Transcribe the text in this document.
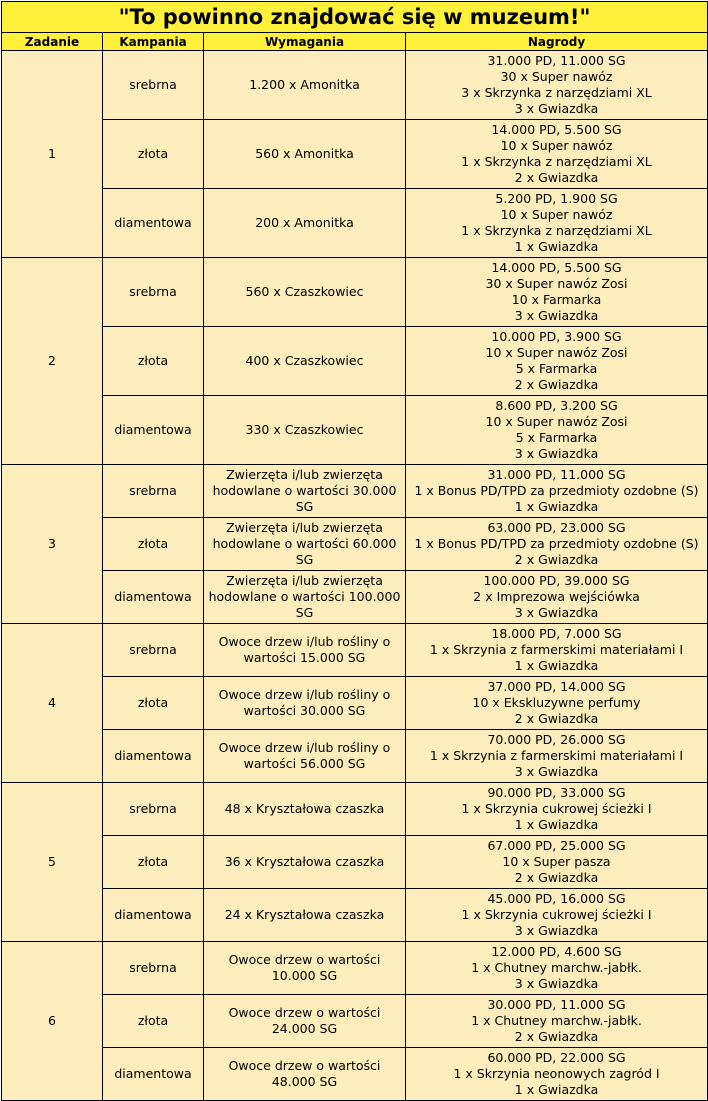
"To powinno znajdować się w muzeum!"			
Zadanie	Kampania	Wymagania	Nagrody
1	srebrna	1.200 x Amonitka	31.000 PD, 11.000 SG
30 x Super nawóz
3 x Skrzynka z narzędziami XL
3 x Gwiazdka

	złota	560 x Amonitka	14.000 PD, 5.500 SG
10 x Super nawóz
1 x Skrzynka z narzędziami XL
2 x Gwiazdka

	diamentowa	200 x Amonitka	5.200 PD, 1.900 SG
10 x Super nawóz
1 x Skrzynka z narzędziami XL
1 x Gwiazdka

2	srebrna	560 x Czaszkowiec	14.000 PD, 5.500 SG
30 x Super nawóz Zosi
10 x Farmarka
3 x Gwiazdka

	złota	400 x Czaszkowiec	10.000 PD, 3.900 SG
10 x Super nawóz Zosi
5 x Farmarka
2 x Gwiazdka

	diamentowa	330 x Czaszkowiec	8.600 PD, 3.200 SG
10 x Super nawóz Zosi
5 x Farmarka
3 x Gwiazdka

3	srebrna	Zwierzęta i/lub zwierzęta hodowlane o wartości 30.000 SG	31.000 PD, 11.000 SG
1 x Bonus PD/TPD za przedmioty ozdobne (S)
1 x Gwiazdka

	złota	Zwierzęta i/lub zwierzęta hodowlane o wartości 60.000 SG	63.000 PD, 23.000 SG
1 x Bonus PD/TPD za przedmioty ozdobne (S)
2 x Gwiazdka

	diamentowa	Zwierzęta i/lub zwierzęta hodowlane o wartości 100.000 SG	100.000 PD, 39.000 SG
2 x Imprezowa wejściówka
3 x Gwiazdka

4	srebrna	Owoce drzew i/lub rośliny o wartości 15.000 SG	18.000 PD, 7.000 SG
1 x Skrzynia z farmerskimi materiałami I
1 x Gwiazdka

	złota	Owoce drzew i/lub rośliny o wartości 30.000 SG	37.000 PD, 14.000 SG
10 x Ekskluzywne perfumy
2 x Gwiazdka

	diamentowa	Owoce drzew i/lub rośliny o wartości 56.000 SG	70.000 PD, 26.000 SG
1 x Skrzynia z farmerskimi materiałami I
3 x Gwiazdka

5	srebrna	48 x Kryształowa czaszka	90.000 PD, 33.000 SG
1 x Skrzynia cukrowej ścieżki I
1 x Gwiazdka

	złota	36 x Kryształowa czaszka	67.000 PD, 25.000 SG
10 x Super pasza
2 x Gwiazdka

	diamentowa	24 x Kryształowa czaszka	45.000 PD, 16.000 SG
1 x Skrzynia cukrowej ścieżki I
3 x Gwiazdka

6	srebrna	Owoce drzew o wartości 10.000 SG	12.000 PD, 4.600 SG
1 x Chutney marchw.-jabłk.
3 x Gwiazdka

	złota	Owoce drzew o wartości 24.000 SG	30.000 PD, 11.000 SG
1 x Chutney marchw.-jabłk.
2 x Gwiazdka

	diamentowa	Owoce drzew o wartości 48.000 SG	60.000 PD, 22.000 SG
1 x Skrzynia neonowych zagród I
1 x Gwiazdka
